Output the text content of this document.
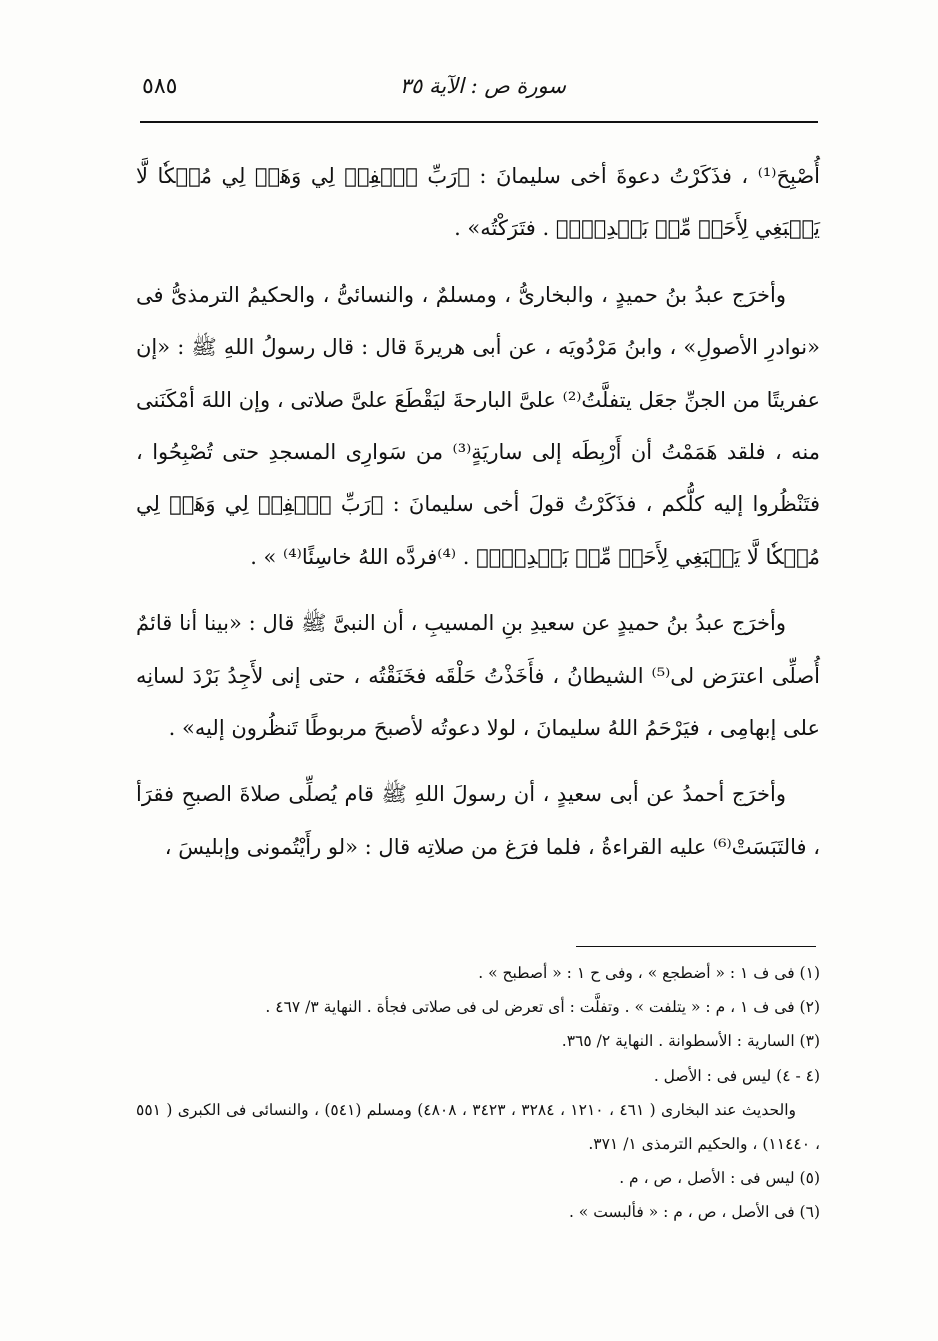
سورة ص : الآية ٣٥
٥٨٥

أُصْبِحَ⁽¹⁾ ، فذَكَرْتُ دعوةَ أخى سليمانَ : ﴿رَبِّ ٱغۡفِرۡ لِي وَهَبۡ لِي مُلۡكٗا لَّا يَنۢبَغِي لِأَحَدٖ مِّنۢ بَعۡدِيٓۖ﴾ . فتَرَكْتُه» .

وأخرَج عبدُ بنُ حميدٍ ، والبخارىُّ ، ومسلمٌ ، والنسائىُّ ، والحكيمُ الترمذىُّ فى «نوادرِ الأصولِ» ، وابنُ مَرْدُويَه ، عن أبى هريرةَ قال : قال رسولُ اللهِ ﷺ : «إن عفريتًا من الجنِّ جعَل يتفلَّتُ⁽²⁾ علىَّ البارحةَ ليَقْطَعَ علىَّ صلاتى ، وإن اللهَ أمْكَنَنى منه ، فلقد هَمَمْتُ أن أَرْبِطَه إلى ساريَةٍ⁽³⁾ من سَوارِى المسجدِ حتى تُصْبِحُوا ، فتَنْظُروا إليه كلُّكم ، فذَكَرْتُ قولَ أخى سليمانَ : ﴿رَبِّ ٱغۡفِرۡ لِي وَهَبۡ لِي مُلۡكٗا لَّا يَنۢبَغِي لِأَحَدٖ مِّنۢ بَعۡدِيٓۖ﴾ . ⁽⁴⁾فردَّه اللهُ خاسِئًا⁽⁴⁾ » .

وأخرَج عبدُ بنُ حميدٍ عن سعيدِ بنِ المسيبِ ، أن النبىَّ ﷺ قال : «بينا أنا قائمٌ أُصلِّى اعترَض لى⁽⁵⁾ الشيطانُ ، فأَخَذْتُ حَلْقَه فخَنَقْتُه ، حتى إنى لأَجِدُ بَرْدَ لسانِه على إبهامِى ، فيَرْحَمُ اللهُ سليمانَ ، لولا دعوتُه لأصبحَ مربوطًا تَنظُرون إليه» .

وأخرَج أحمدُ عن أبى سعيدٍ ، أن رسولَ اللهِ ﷺ قام يُصلِّى صلاةَ الصبحِ فقرَأ ، فالتَبَسَتْ⁽⁶⁾ عليه القراءةُ ، فلما فرَغ من صلاتِه قال : «لو رأَيْتُمونى وإبليسَ ،

(١) فى ف ١ : « أضطجع » ، وفى ح ١ : « أصطبح » .

(٢) فى ف ١ ، م : « يتلفت » . وتفلَّت : أى تعرض لى فى صلاتى فجأة . النهاية ٣/ ٤٦٧ .

(٣) السارية : الأسطوانة . النهاية ٢/ ٣٦٥.

(٤ - ٤) ليس فى : الأصل .

والحديث عند البخارى ( ٤٦١ ، ١٢١٠ ، ٣٢٨٤ ، ٣٤٢٣ ، ٤٨٠٨) ومسلم (٥٤١) ، والنسائى فى الكبرى ( ٥٥١ ، ١١٤٤٠) ، والحكيم الترمذى ١/ ٣٧١.

(٥) ليس فى : الأصل ، ص ، م .

(٦) فى الأصل ، ص ، م : « فألبست » .
